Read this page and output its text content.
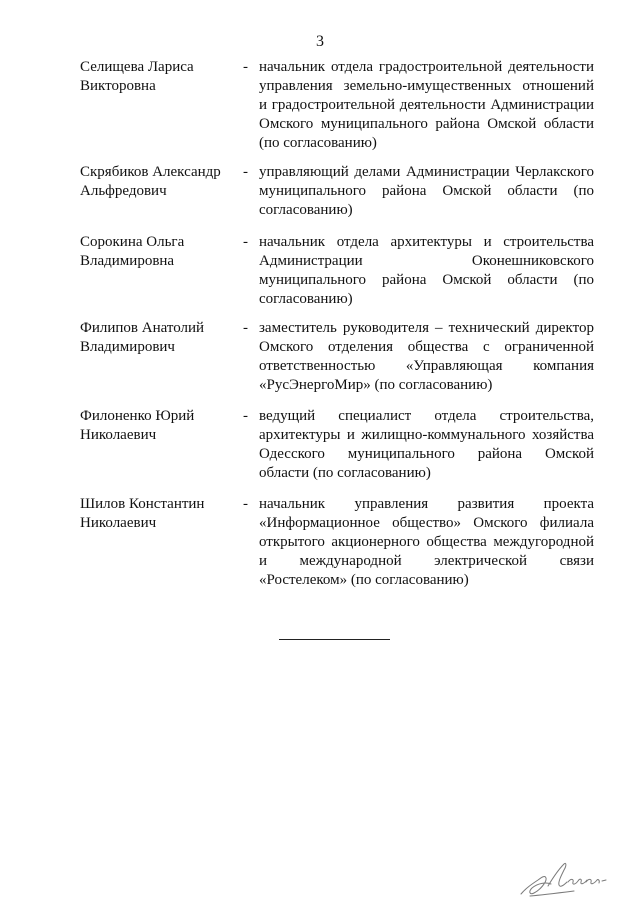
3
Селищева Лариса
Викторовна
- начальник отдела градостроительной деятельности
управления земельно-имущественных отношений
и градостроительной деятельности Администрации
Омского муниципального района Омской области
(по согласованию)
Скрябиков Александр
Альфредович
- управляющий делами Администрации Черлакского
муниципального района Омской области (по
согласованию)
Сорокина Ольга
Владимировна
- начальник отдела архитектуры и строительства
Администрации Оконешниковского
муниципального района Омской области (по
согласованию)
Филипов Анатолий
Владимирович
- заместитель руководителя – технический директор
Омского отделения общества с ограниченной
ответственностью «Управляющая компания
«РусЭнергоМир» (по согласованию)
Филоненко Юрий
Николаевич
- ведущий специалист отдела строительства,
архитектуры и жилищно-коммунального хозяйства
Одесского муниципального района Омской
области (по согласованию)
Шилов Константин
Николаевич
- начальник управления развития проекта
«Информационное общество» Омского филиала
открытого акционерного общества междугородной
и международной электрической связи
«Ростелеком» (по согласованию)
